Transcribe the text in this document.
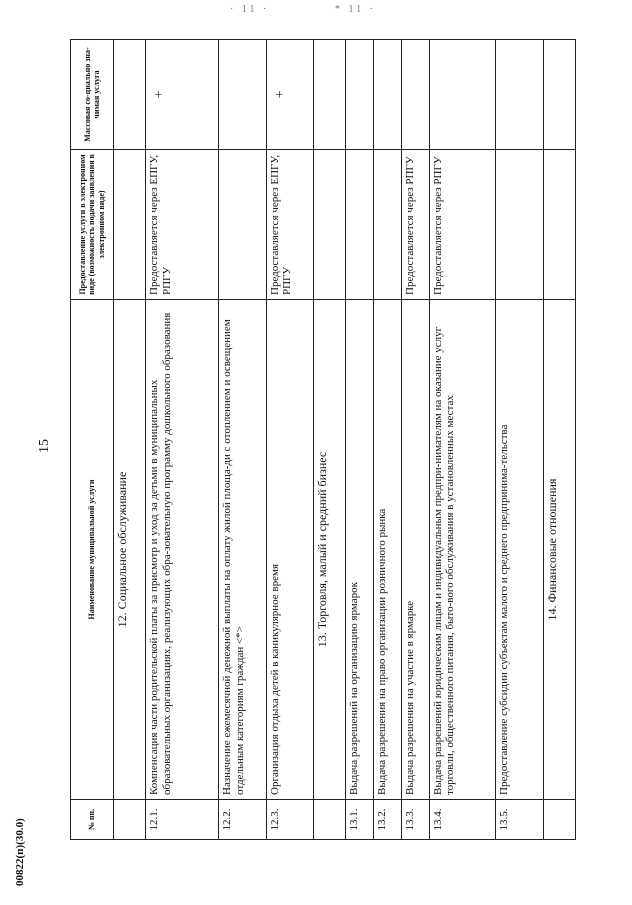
· 11 ·	* 11 ·
15
№ пп.	Наименование муниципальной услуги	Предоставление услуги в электронном виде (возможность подачи заявления в электронном виде)	Массовая со-циально зна-чимая услуга
	12. Социальное обслуживание		
12.1.	Компенсация части родительской платы за присмотр и уход за детьми в муниципальных образовательных организациях, реализующих обра-зовательную программу дошкольного образования	Предоставляется через ЕПГУ, РПГУ	+
12.2.	Назначение ежемесячной денежной выплаты на оплату жилой площа-ди с отоплением и освещением отдельным категориям граждан <*>		
12.3.	Организация отдыха детей в каникулярное время	Предоставляется через ЕПГУ, РПГУ	+
	13. Торговля, малый и средний бизнес		
13.1.	Выдача разрешений на организацию ярмарок		
13.2.	Выдача разрешения на право организации розничного рынка		
13.3.	Выдача разрешения на участие в ярмарке	Предоставляется через РПГУ	
13.4.	Выдача разрешений юридическим лицам и индивидуальным предпри-нимателям на оказание услуг торговли, общественного питания, быто-вого обслуживания в установленных местах	Предоставляется через РПГУ	
13.5.	Предоставление субсидии субъектам малого и среднего предпринима-тельства		
	14. Финансовые отношения		
00822(п)(30.0)
